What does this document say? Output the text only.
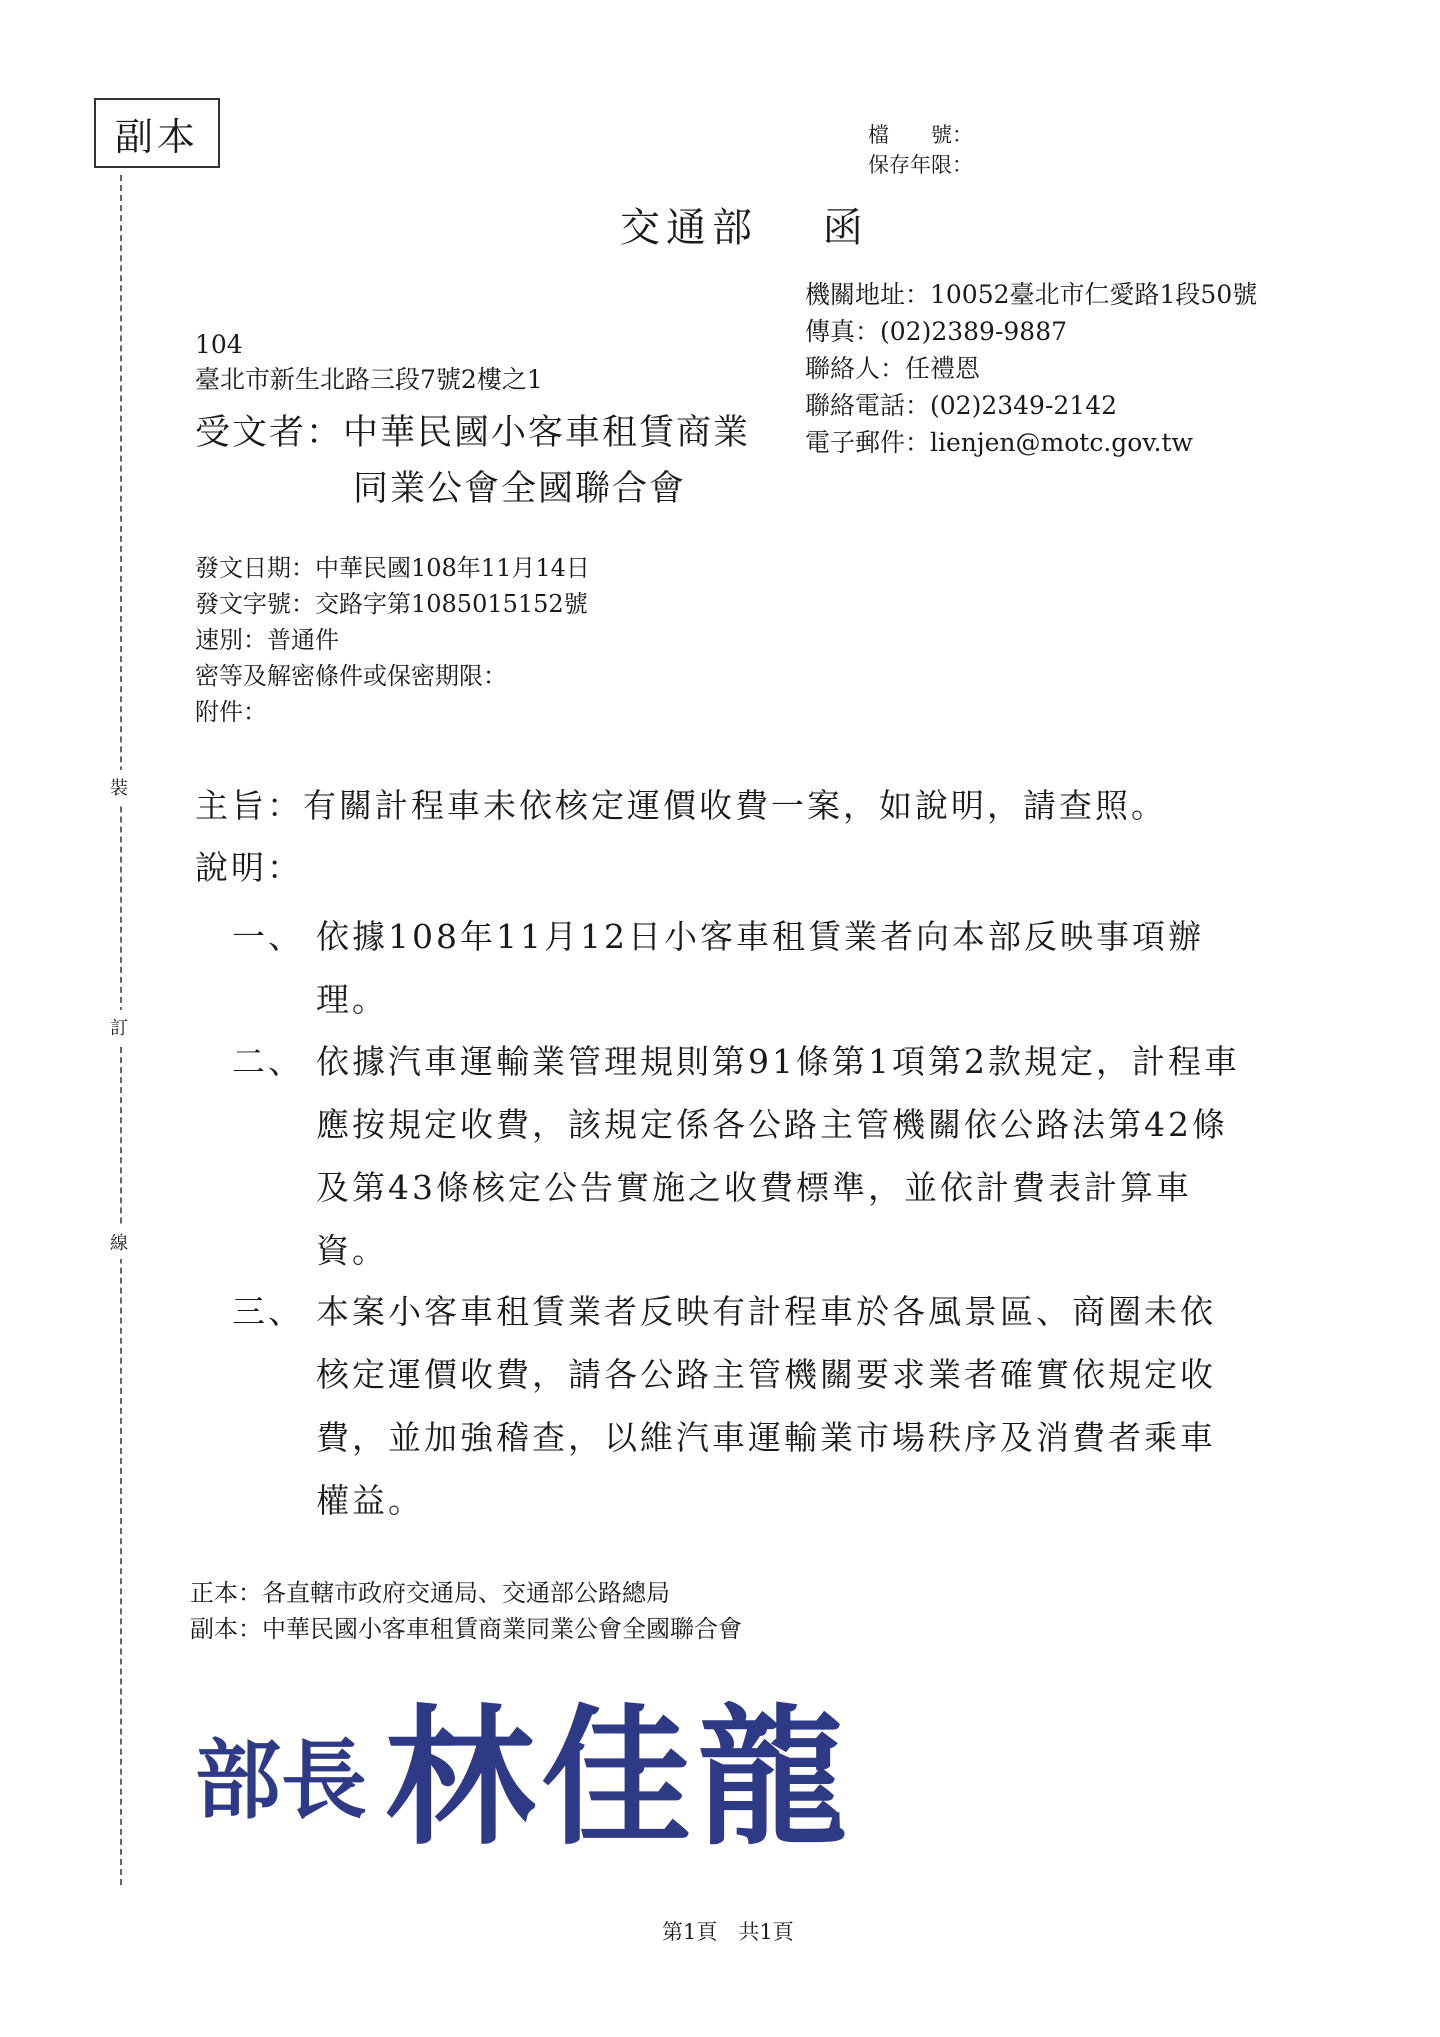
副本
裝
訂
線
檔　　號：
保存年限：
交通部　 函
機關地址：10052臺北市仁愛路1段50號
傳真：(02)2389-9887
聯絡人：任禮恩
聯絡電話：(02)2349-2142
電子郵件：lienjen@motc.gov.tw
104
臺北市新生北路三段7號2樓之1
受文者：中華民國小客車租賃商業
同業公會全國聯合會
發文日期：中華民國108年11月14日
發文字號：交路字第1085015152號
速別：普通件
密等及解密條件或保密期限：
附件：
主旨：有關計程車未依核定運價收費一案，如說明，請查照。
說明：
一、 依據108年11月12日小客車租賃業者向本部反映事項辦
理。
二、 依據汽車運輸業管理規則第91條第1項第2款規定，計程車
應按規定收費，該規定係各公路主管機關依公路法第42條
及第43條核定公告實施之收費標準，並依計費表計算車
資。
三、 本案小客車租賃業者反映有計程車於各風景區、商圈未依
核定運價收費，請各公路主管機關要求業者確實依規定收
費，並加強稽查，以維汽車運輸業市場秩序及消費者乘車
權益。
正本：各直轄市政府交通局、交通部公路總局
副本：中華民國小客車租賃商業同業公會全國聯合會
部長 林佳龍
第1頁　共1頁
